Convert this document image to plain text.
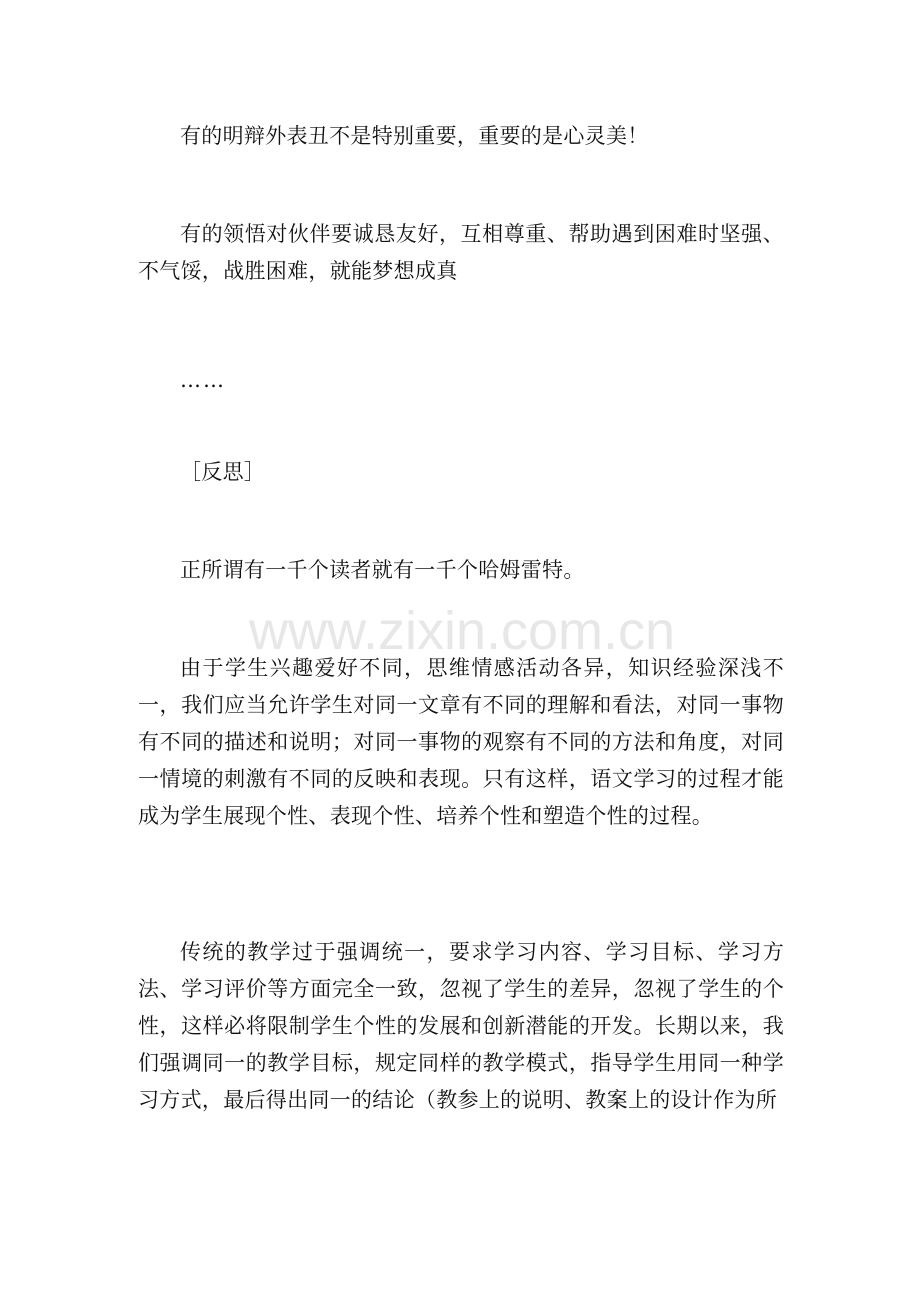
有的明辩外表丑不是特别重要，重要的是心灵美！

有的领悟对伙伴要诚恳友好，互相尊重、帮助遇到困难时坚强、不气馁，战胜困难，就能梦想成真

……

［反思］

正所谓有一千个读者就有一千个哈姆雷特。

由于学生兴趣爱好不同，思维情感活动各异，知识经验深浅不一，我们应当允许学生对同一文章有不同的理解和看法，对同一事物有不同的描述和说明；对同一事物的观察有不同的方法和角度，对同一情境的刺激有不同的反映和表现。只有这样，语文学习的过程才能成为学生展现个性、表现个性、培养个性和塑造个性的过程。

传统的教学过于强调统一，要求学习内容、学习目标、学习方法、学习评价等方面完全一致，忽视了学生的差异，忽视了学生的个性，这样必将限制学生个性的发展和创新潜能的开发。长期以来，我们强调同一的教学目标，规定同样的教学模式，指导学生用同一种学习方式，最后得出同一的结论（教参上的说明、教案上的设计作为所

www.zixin.com.cn
